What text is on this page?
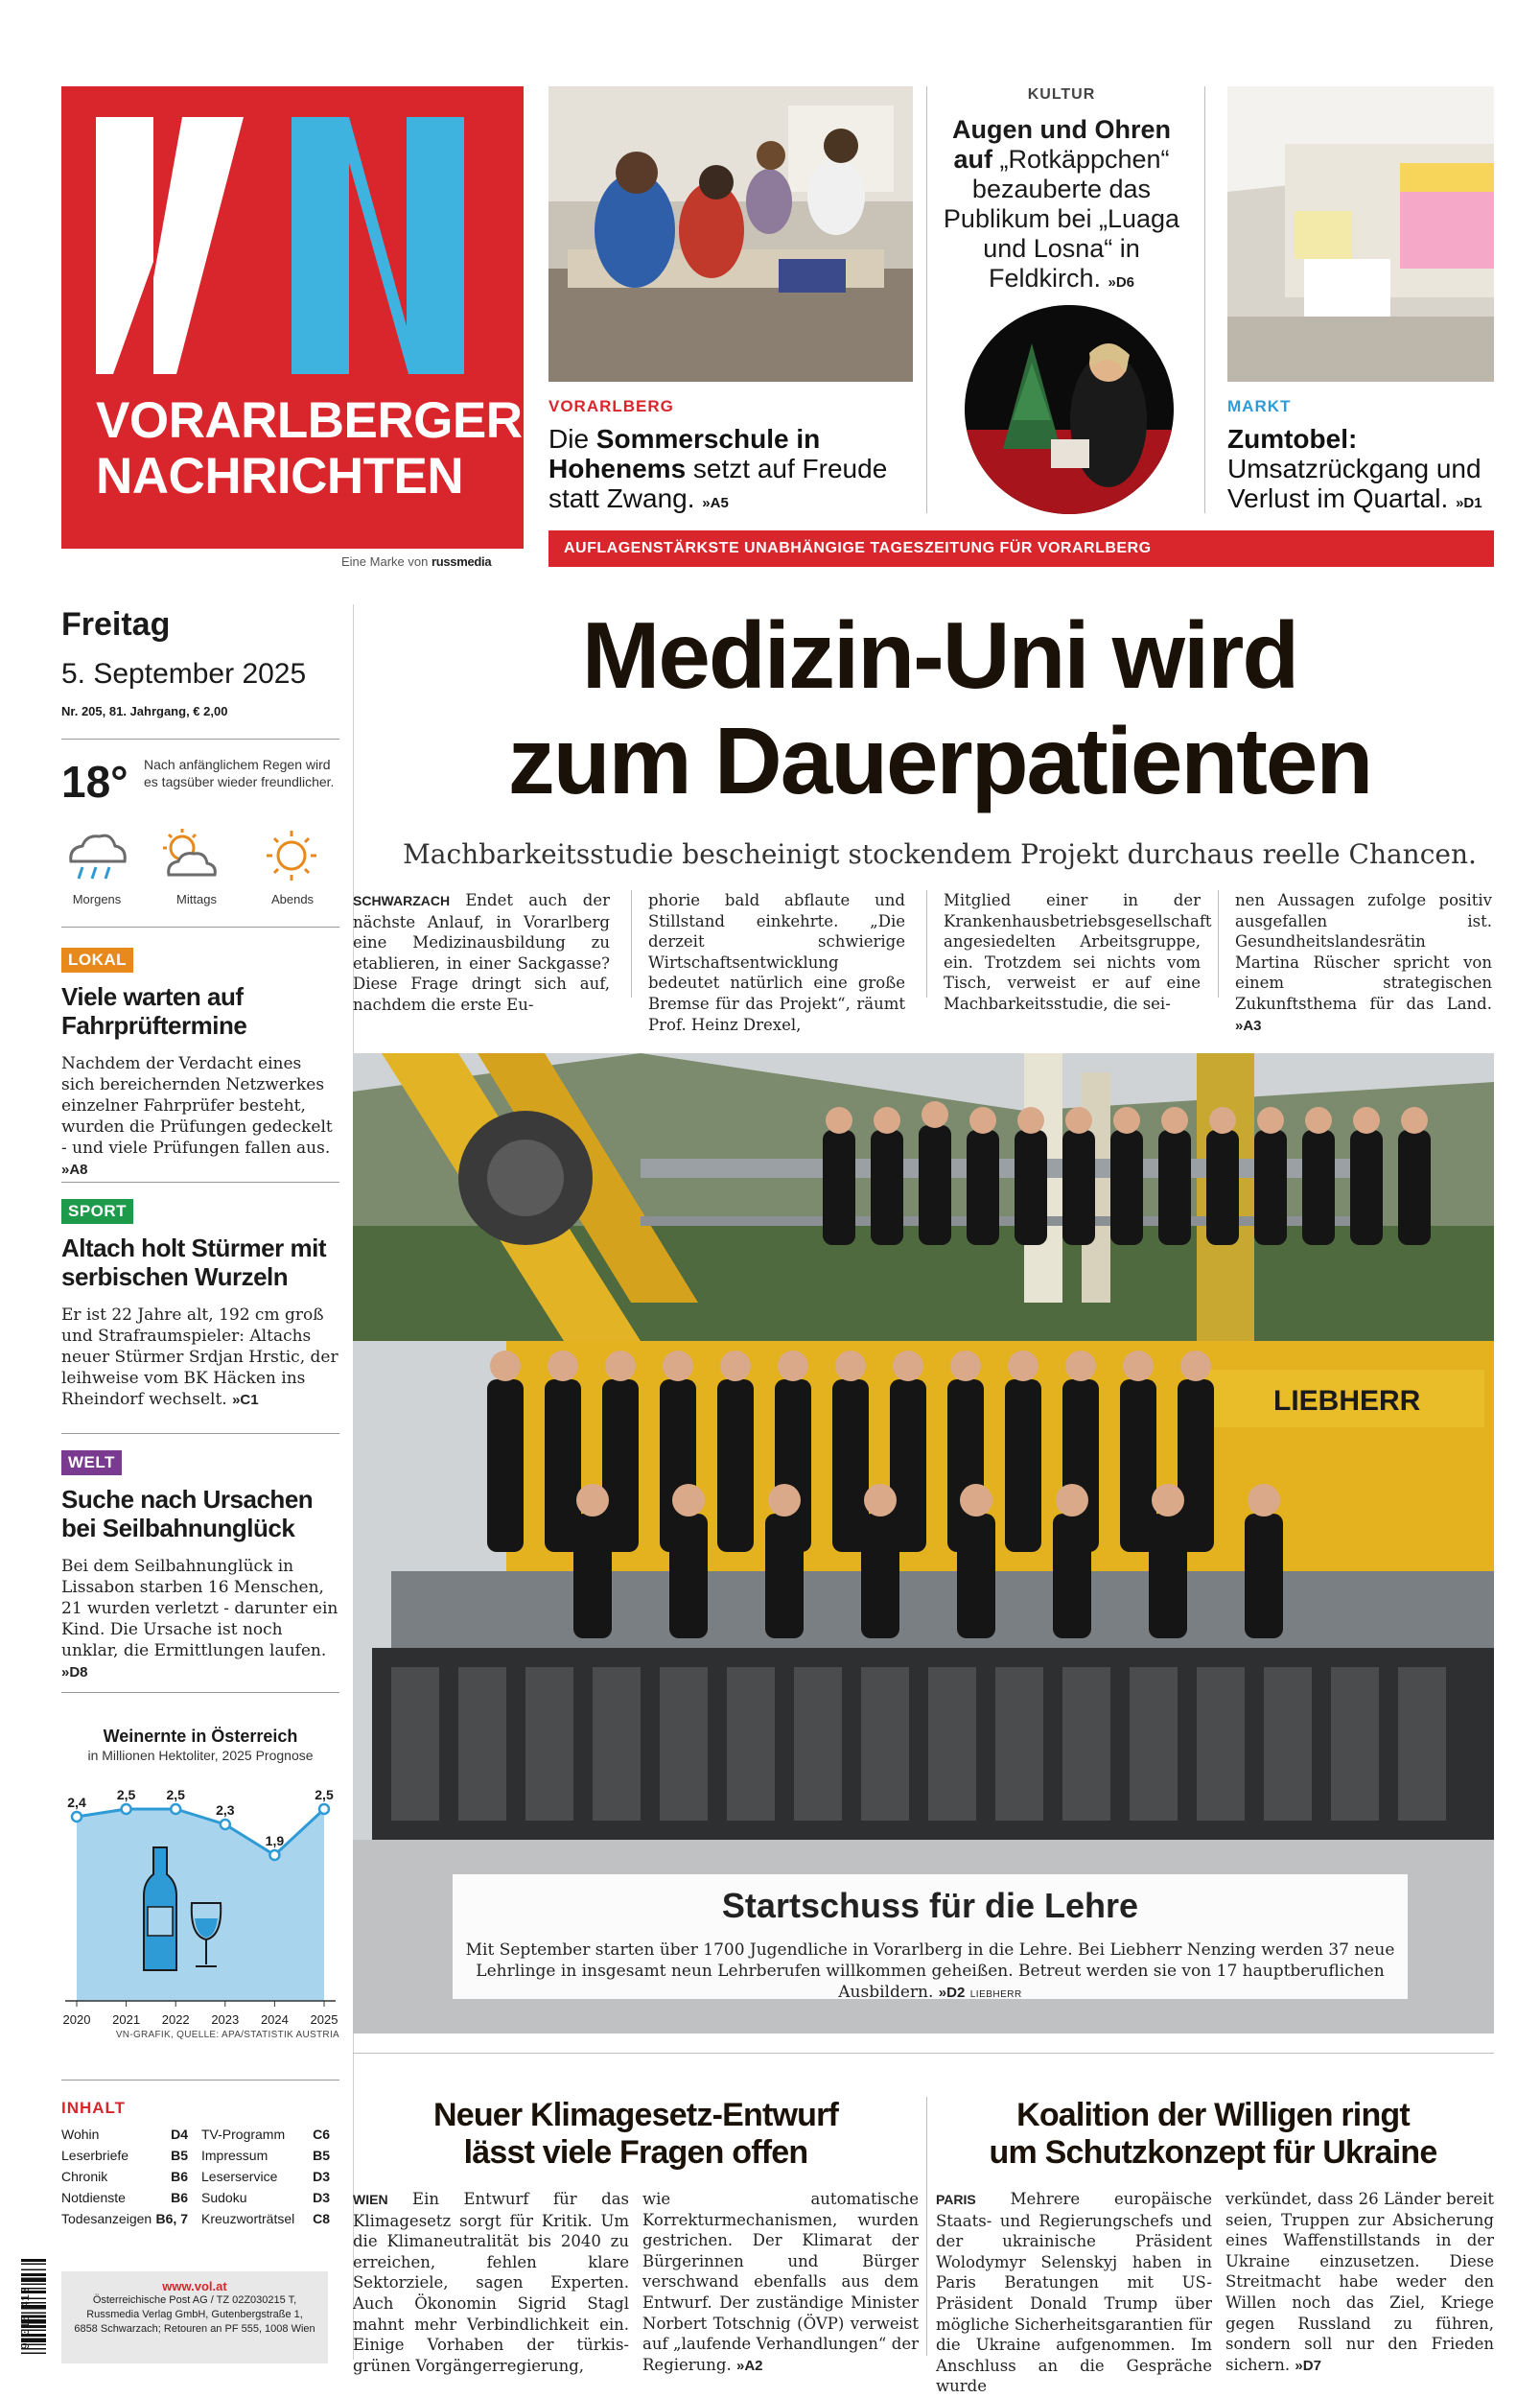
VORARLBERGER
NACHRICHTEN
Eine Marke von russmedia
VORARLBERG
Die Sommerschule in Hohenems setzt auf Freude statt Zwang. »A5
KULTUR
Augen und Ohren auf „Rotkäppchen“ bezauberte das Publikum bei „Luaga und Losna“ in Feldkirch. »D6
MARKT
Zumtobel: Umsatzrückgang und Verlust im Quartal. »D1
AUFLAGENSTÄRKSTE UNABHÄNGIGE TAGESZEITUNG FÜR VORARLBERG
Freitag
5. September 2025
Nr. 205, 81. Jahrgang, € 2,00
18° Nach anfänglichem Regen wird es tagsüber wieder freundlicher.
Morgens	Mittags	Abends
LOKAL
Viele warten auf Fahrprüftermine
Nachdem der Verdacht eines sich bereichernden Netzwerkes einzelner Fahrprüfer besteht, wurden die Prüfungen gedeckelt - und viele Prüfungen fallen aus. »A8
SPORT
Altach holt Stürmer mit serbischen Wurzeln
Er ist 22 Jahre alt, 192 cm groß und Strafraumspieler: Altachs neuer Stürmer Srdjan Hrstic, der leihweise vom BK Häcken ins Rheindorf wechselt. »C1
WELT
Suche nach Ursachen bei Seilbahnunglück
Bei dem Seilbahnunglück in Lissabon starben 16 Menschen, 21 wurden verletzt - darunter ein Kind. Die Ursache ist noch unklar, die Ermittlungen laufen. »D8
Weinernte in Österreich
in Millionen Hektoliter, 2025 Prognose
2,4
2020
2,5
2021
2,5
2022
2,3
2023
1,9
2024
2,5
2025
VN-GRAFIK, QUELLE: APA/STATISTIK AUSTRIA
INHALT
Wohin	D4
Leserbriefe	B5
Chronik	B6
Notdienste	B6
Todesanzeigen B6, 7
TV-Programm C6
Impressum	B5
Leserservice	D3
Sudoku	D3
Kreuzworträtsel C8
www.vol.at
Österreichische Post AG / TZ 02Z030215 T,
Russmedia Verlag GmbH, Gutenbergstraße 1,
6858 Schwarzach; Retouren an PF 555, 1008 Wien
9 015 413
Medizin-Uni wird
zum Dauerpatienten
Machbarkeitsstudie bescheinigt stockendem Projekt durchaus reelle Chancen.
SCHWARZACH Endet auch der nächste Anlauf, in Vorarlberg eine Medizinausbildung zu etablieren, in einer Sackgasse? Diese Frage dringt sich auf, nachdem die erste Eu-
phorie bald abflaute und Stillstand einkehrte. „Die derzeit schwierige Wirtschaftsentwicklung bedeutet natürlich eine große Bremse für das Projekt“, räumt Prof. Heinz Drexel,
Mitglied einer in der Krankenhausbetriebsgesellschaft angesiedelten Arbeitsgruppe, ein. Trotzdem sei nichts vom Tisch, verweist er auf eine Machbarkeitsstudie, die sei-
nen Aussagen zufolge positiv ausgefallen ist. Gesundheitslandesrätin Martina Rüscher spricht von einem strategischen Zukunftsthema für das Land. »A3
LIEBHERR
Startschuss für die Lehre
Mit September starten über 1700 Jugendliche in Vorarlberg in die Lehre. Bei Liebherr Nenzing werden 37 neue Lehrlinge in insgesamt neun Lehrberufen willkommen geheißen. Betreut werden sie von 17 hauptberuflichen Ausbildern. »D2 LIEBHERR
Neuer Klimagesetz-Entwurf
lässt viele Fragen offen
WIEN Ein Entwurf für das Klimagesetz sorgt für Kritik. Um die Klimaneutralität bis 2040 zu erreichen, fehlen klare Sektorziele, sagen Experten. Auch Ökonomin Sigrid Stagl mahnt mehr Verbindlichkeit ein. Einige Vorhaben der türkis-grünen Vorgängerregierung,
wie automatische Korrekturmechanismen, wurden gestrichen. Der Klimarat der Bürgerinnen und Bürger verschwand ebenfalls aus dem Entwurf. Der zuständige Minister Norbert Totschnig (ÖVP) verweist auf „laufende Verhandlungen“ der Regierung. »A2
Koalition der Willigen ringt
um Schutzkonzept für Ukraine
PARIS Mehrere europäische Staats- und Regierungschefs und der ukrainische Präsident Wolodymyr Selenskyj haben in Paris Beratungen mit US-Präsident Donald Trump über mögliche Sicherheitsgarantien für die Ukraine aufgenommen. Im Anschluss an die Gespräche wurde
verkündet, dass 26 Länder bereit seien, Truppen zur Absicherung eines Waffenstillstands in der Ukraine einzusetzen. Diese Streitmacht habe weder den Willen noch das Ziel, Kriege gegen Russland zu führen, sondern soll nur den Frieden sichern. »D7
